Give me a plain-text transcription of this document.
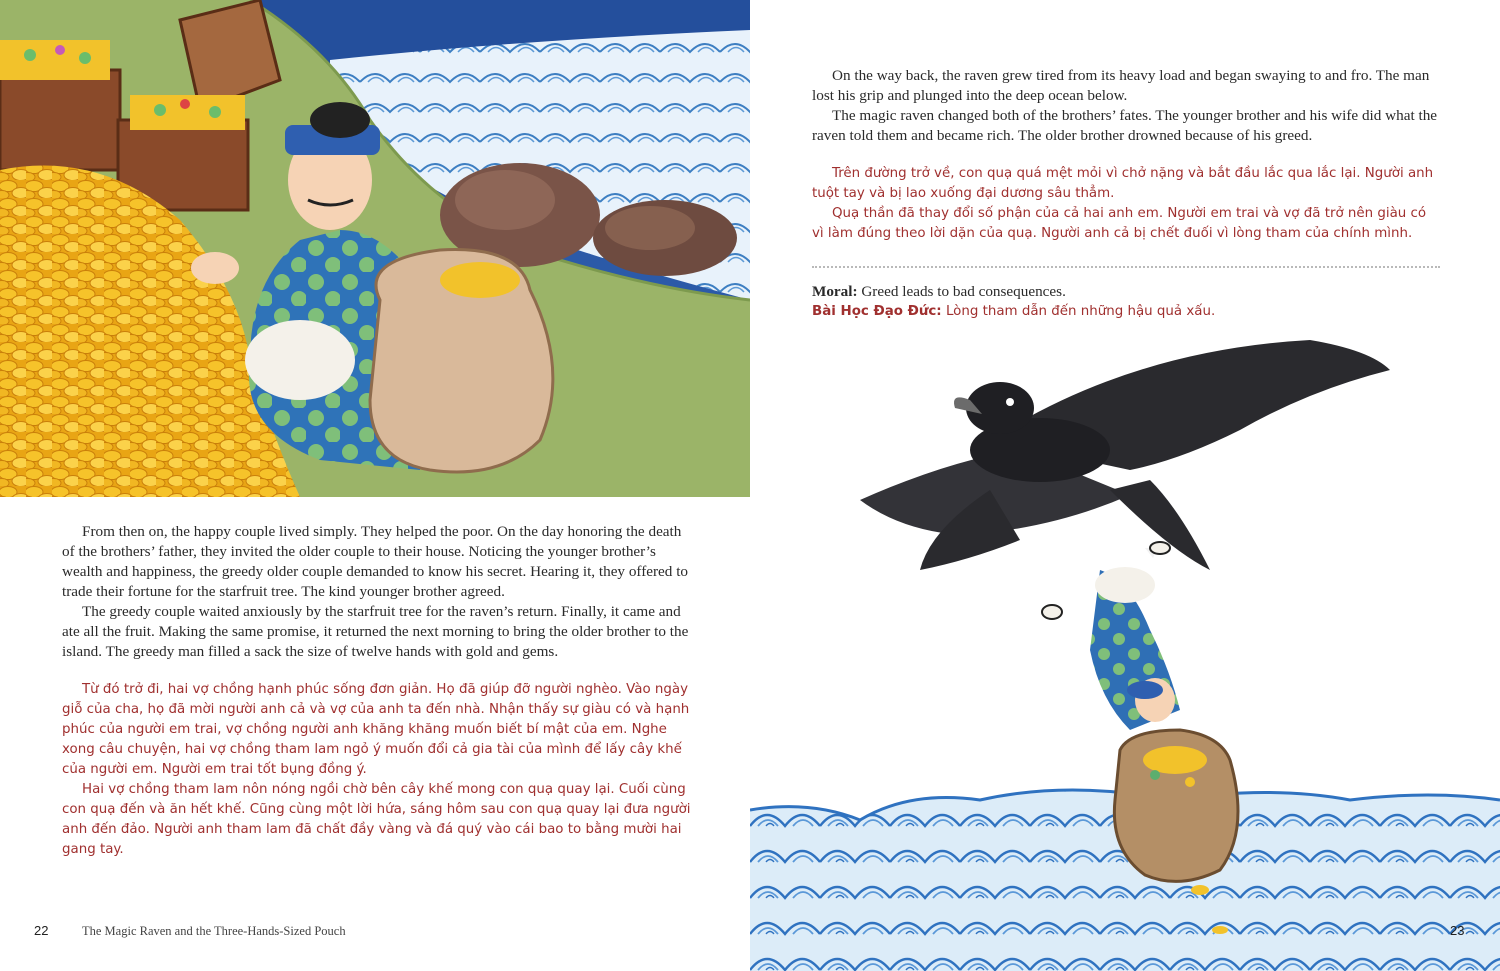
From then on, the happy couple lived simply. They helped the poor. On the day honoring the death of the brothers’ father, they invited the older couple to their house. Noticing the younger brother’s wealth and happiness, the greedy older couple demanded to know his secret. Hearing it, they offered to trade their fortune for the starfruit tree. The kind younger brother agreed.

The greedy couple waited anxiously by the starfruit tree for the raven’s return. Finally, it came and ate all the fruit. Making the same promise, it returned the next morning to bring the older brother to the island. The greedy man filled a sack the size of twelve hands with gold and gems.

Từ đó trở đi, hai vợ chồng hạnh phúc sống đơn giản. Họ đã giúp đỡ người nghèo. Vào ngày giỗ của cha, họ đã mời người anh cả và vợ của anh ta đến nhà. Nhận thấy sự giàu có và hạnh phúc của người em trai, vợ chồng người anh khăng khăng muốn biết bí mật của em. Nghe xong câu chuyện, hai vợ chồng tham lam ngỏ ý muốn đổi cả gia tài của mình để lấy cây khế của người em. Người em trai tốt bụng đồng ý.

Hai vợ chồng tham lam nôn nóng ngồi chờ bên cây khế mong con quạ quay lại. Cuối cùng con quạ đến và ăn hết khế. Cũng cùng một lời hứa, sáng hôm sau con quạ quay lại đưa người anh đến đảo. Người anh tham lam đã chất đầy vàng và đá quý vào cái bao to bằng mười hai gang tay.

22	The Magic Raven and the Three-Hands-Sized Pouch

On the way back, the raven grew tired from its heavy load and began swaying to and fro. The man lost his grip and plunged into the deep ocean below.

The magic raven changed both of the brothers’ fates. The younger brother and his wife did what the raven told them and became rich. The older brother drowned because of his greed.

Trên đường trở về, con quạ quá mệt mỏi vì chở nặng và bắt đầu lắc qua lắc lại. Người anh tuột tay và bị lao xuống đại dương sâu thẳm.

Quạ thần đã thay đổi số phận của cả hai anh em. Người em trai và vợ đã trở nên giàu có vì làm đúng theo lời dặn của quạ. Người anh cả bị chết đuối vì lòng tham của chính mình.

Moral: Greed leads to bad consequences.

Bài Học Đạo Đức: Lòng tham dẫn đến những hậu quả xấu.

23
